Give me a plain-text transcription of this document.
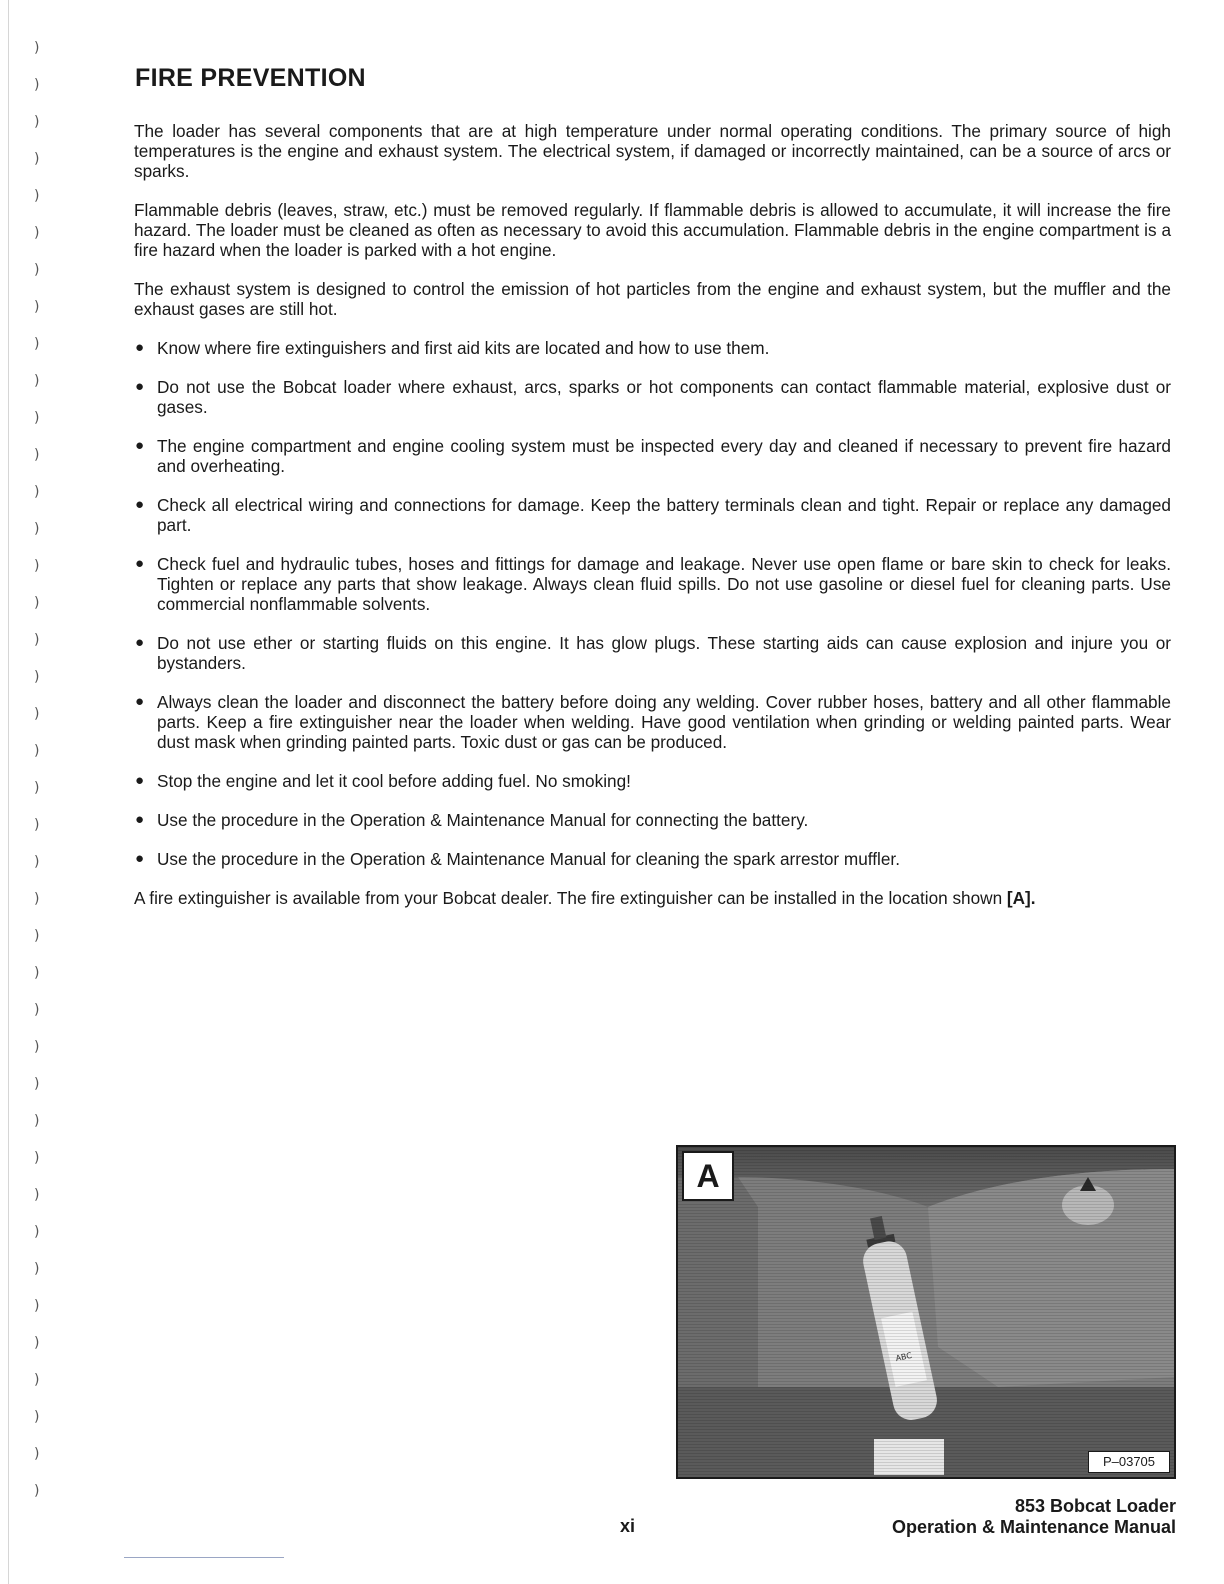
)
)
)
)
)
)
)
)
)
)
)
)
)
)
)
)
)
)
)
)
)
)
)
)
)
)
)
)
)
)
)
)
)
)
)
)
)
)
)
)
FIRE PREVENTION

The loader has several components that are at high temperature under normal operating conditions. The primary source of high temperatures is the engine and exhaust system. The electrical system, if damaged or incorrectly maintained, can be a source of arcs or sparks.

Flammable debris (leaves, straw, etc.) must be removed regularly. If flammable debris is allowed to accumulate, it will increase the fire hazard. The loader must be cleaned as often as necessary to avoid this accumulation. Flammable debris in the engine compartment is a fire hazard when the loader is parked with a hot engine.

The exhaust system is designed to control the emission of hot particles from the engine and exhaust system, but the muffler and the exhaust gases are still hot.

● Know where fire extinguishers and first aid kits are located and how to use them.
● Do not use the Bobcat loader where exhaust, arcs, sparks or hot components can contact flammable material, explosive dust or gases.
● The engine compartment and engine cooling system must be inspected every day and cleaned if necessary to prevent fire hazard and overheating.
● Check all electrical wiring and connections for damage. Keep the battery terminals clean and tight. Repair or replace any damaged part.
● Check fuel and hydraulic tubes, hoses and fittings for damage and leakage. Never use open flame or bare skin to check for leaks. Tighten or replace any parts that show leakage. Always clean fluid spills. Do not use gasoline or diesel fuel for cleaning parts. Use commercial nonflammable solvents.
● Do not use ether or starting fluids on this engine. It has glow plugs. These starting aids can cause explosion and injure you or bystanders.
● Always clean the loader and disconnect the battery before doing any welding. Cover rubber hoses, battery and all other flammable parts. Keep a fire extinguisher near the loader when welding. Have good ventilation when grinding or welding painted parts. Wear dust mask when grinding painted parts. Toxic dust or gas can be produced.
● Stop the engine and let it cool before adding fuel. No smoking!
● Use the procedure in the Operation & Maintenance Manual for connecting the battery.
● Use the procedure in the Operation & Maintenance Manual for cleaning the spark arrestor muffler.

A fire extinguisher is available from your Bobcat dealer. The fire extinguisher can be installed in the location shown [A].

A
P–03705
xi
853 Bobcat Loader
Operation & Maintenance Manual
